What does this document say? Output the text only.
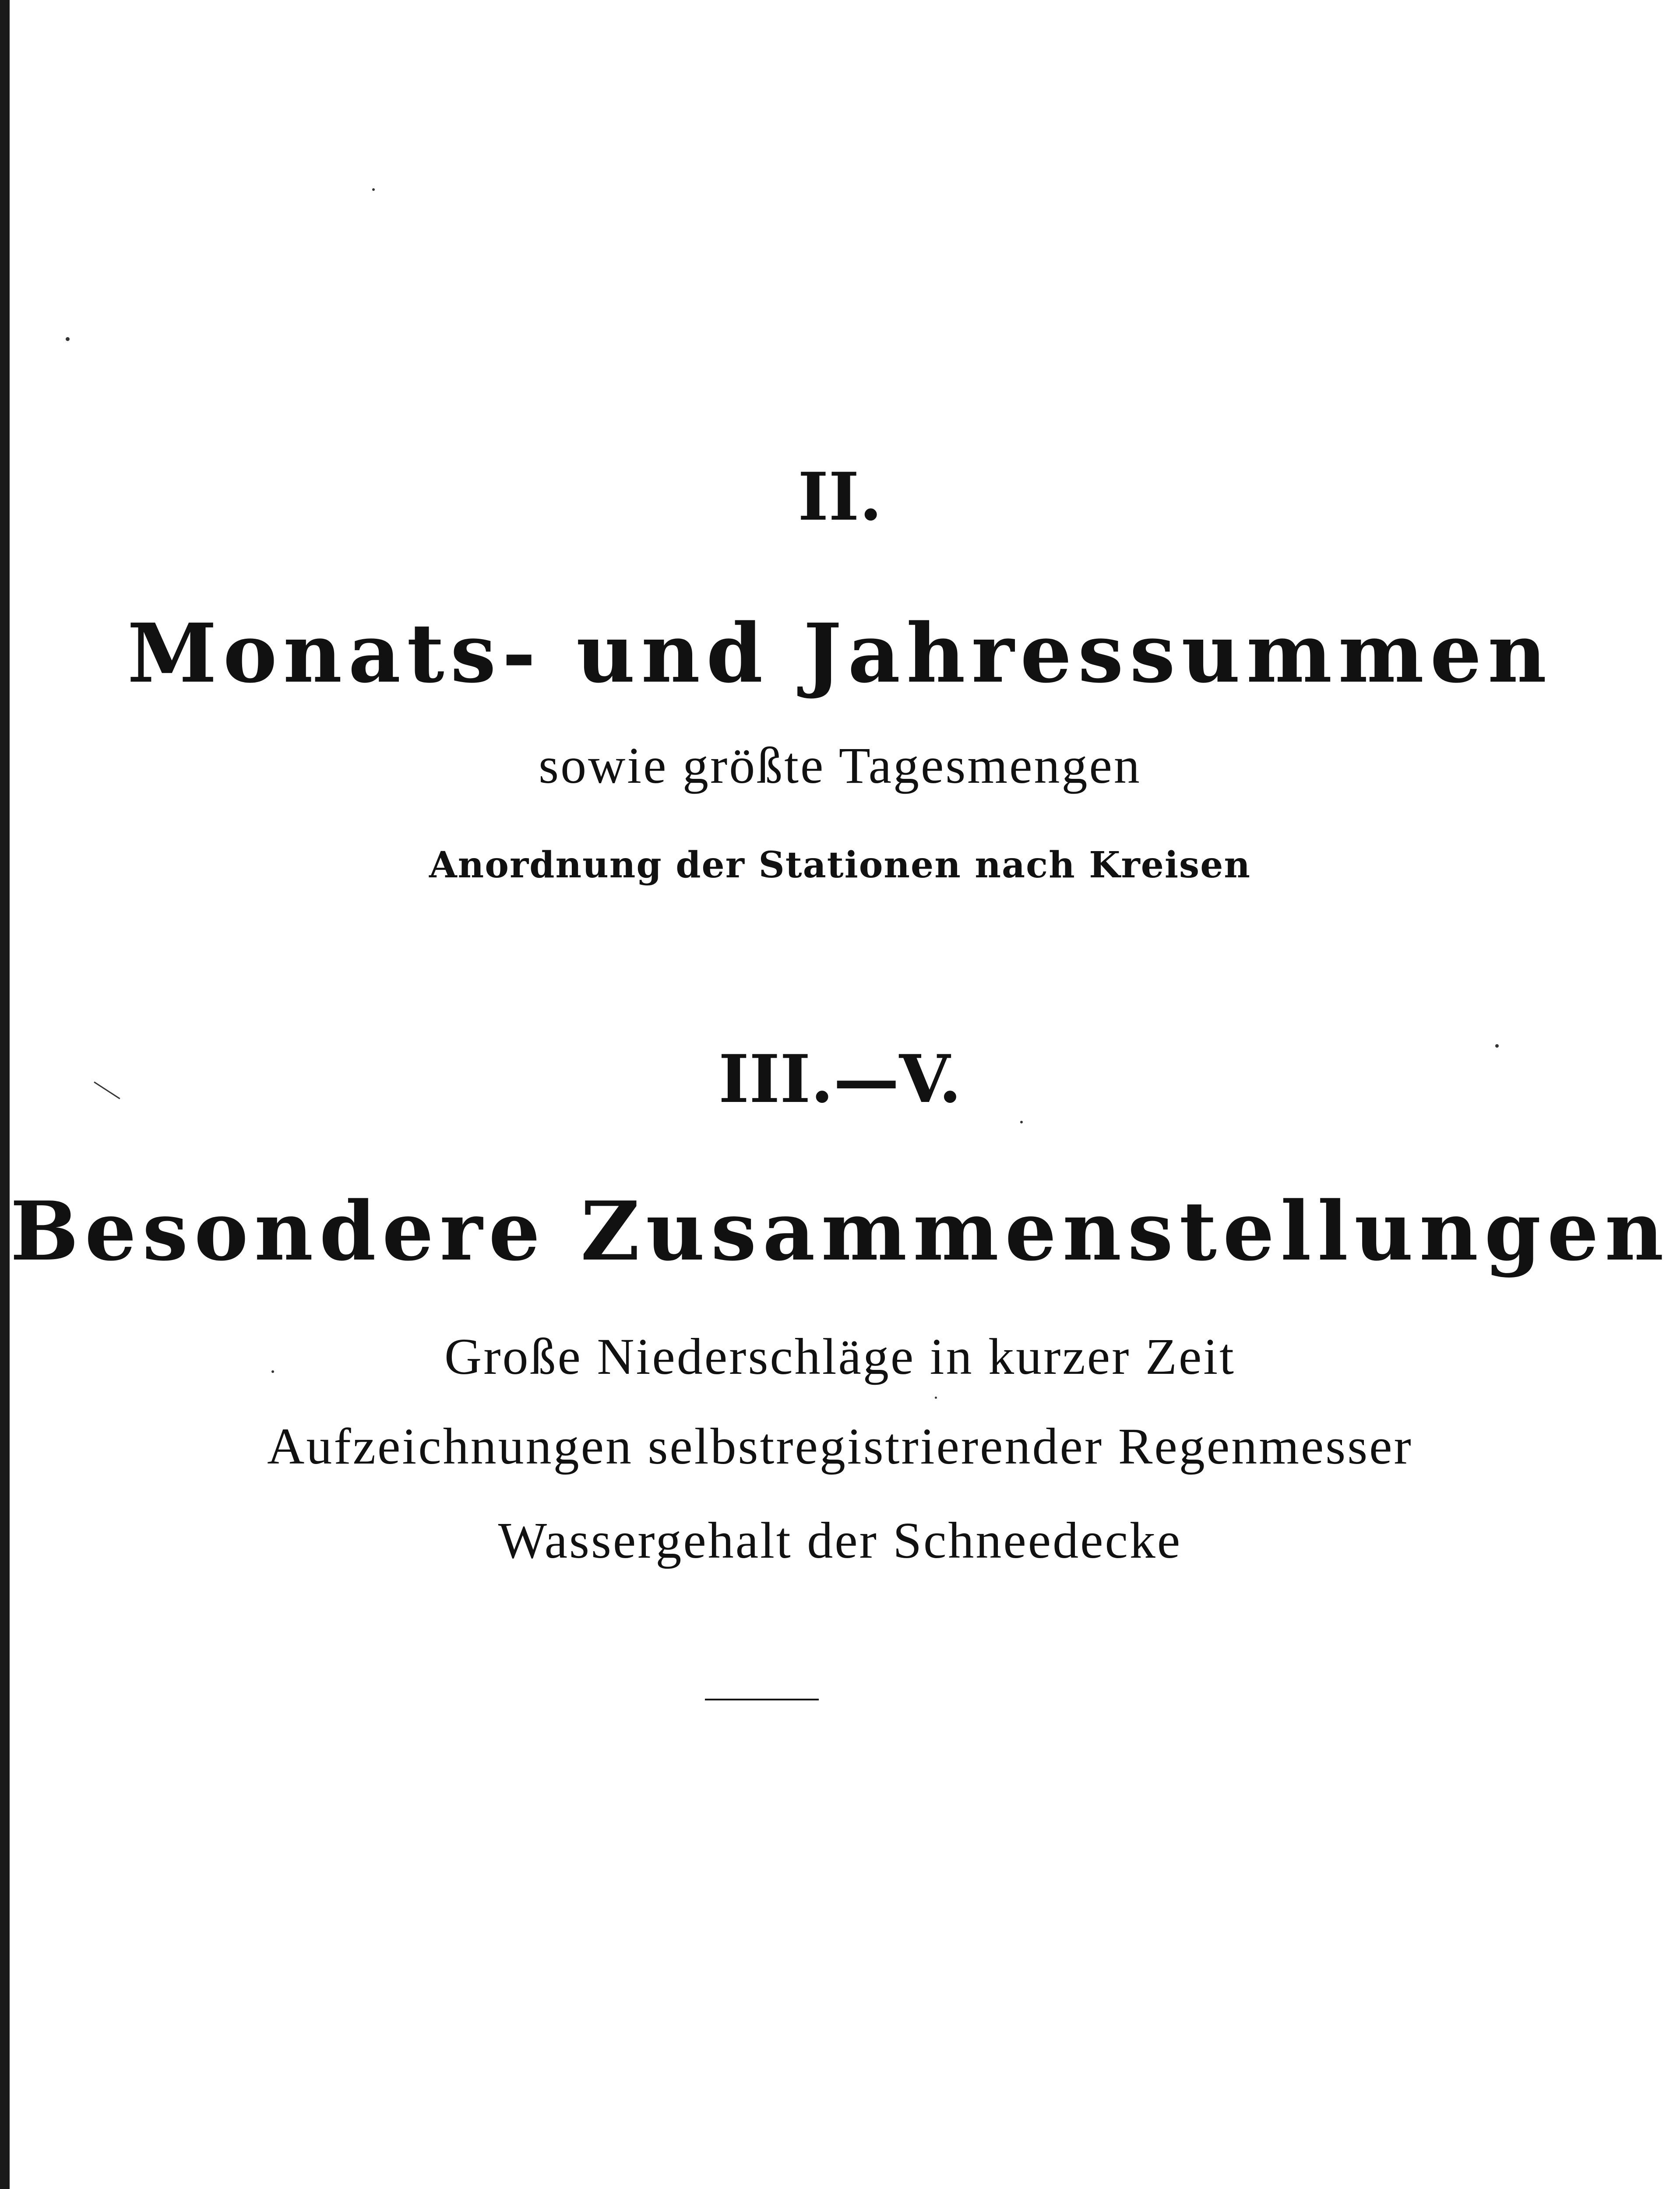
II.
Monats- und Jahressummen
sowie größte Tagesmengen
Anordnung der Stationen nach Kreisen
III.—V.
Besondere Zusammenstellungen
Große Niederschläge in kurzer Zeit
Aufzeichnungen selbstregistrierender Regenmesser
Wassergehalt der Schneedecke
